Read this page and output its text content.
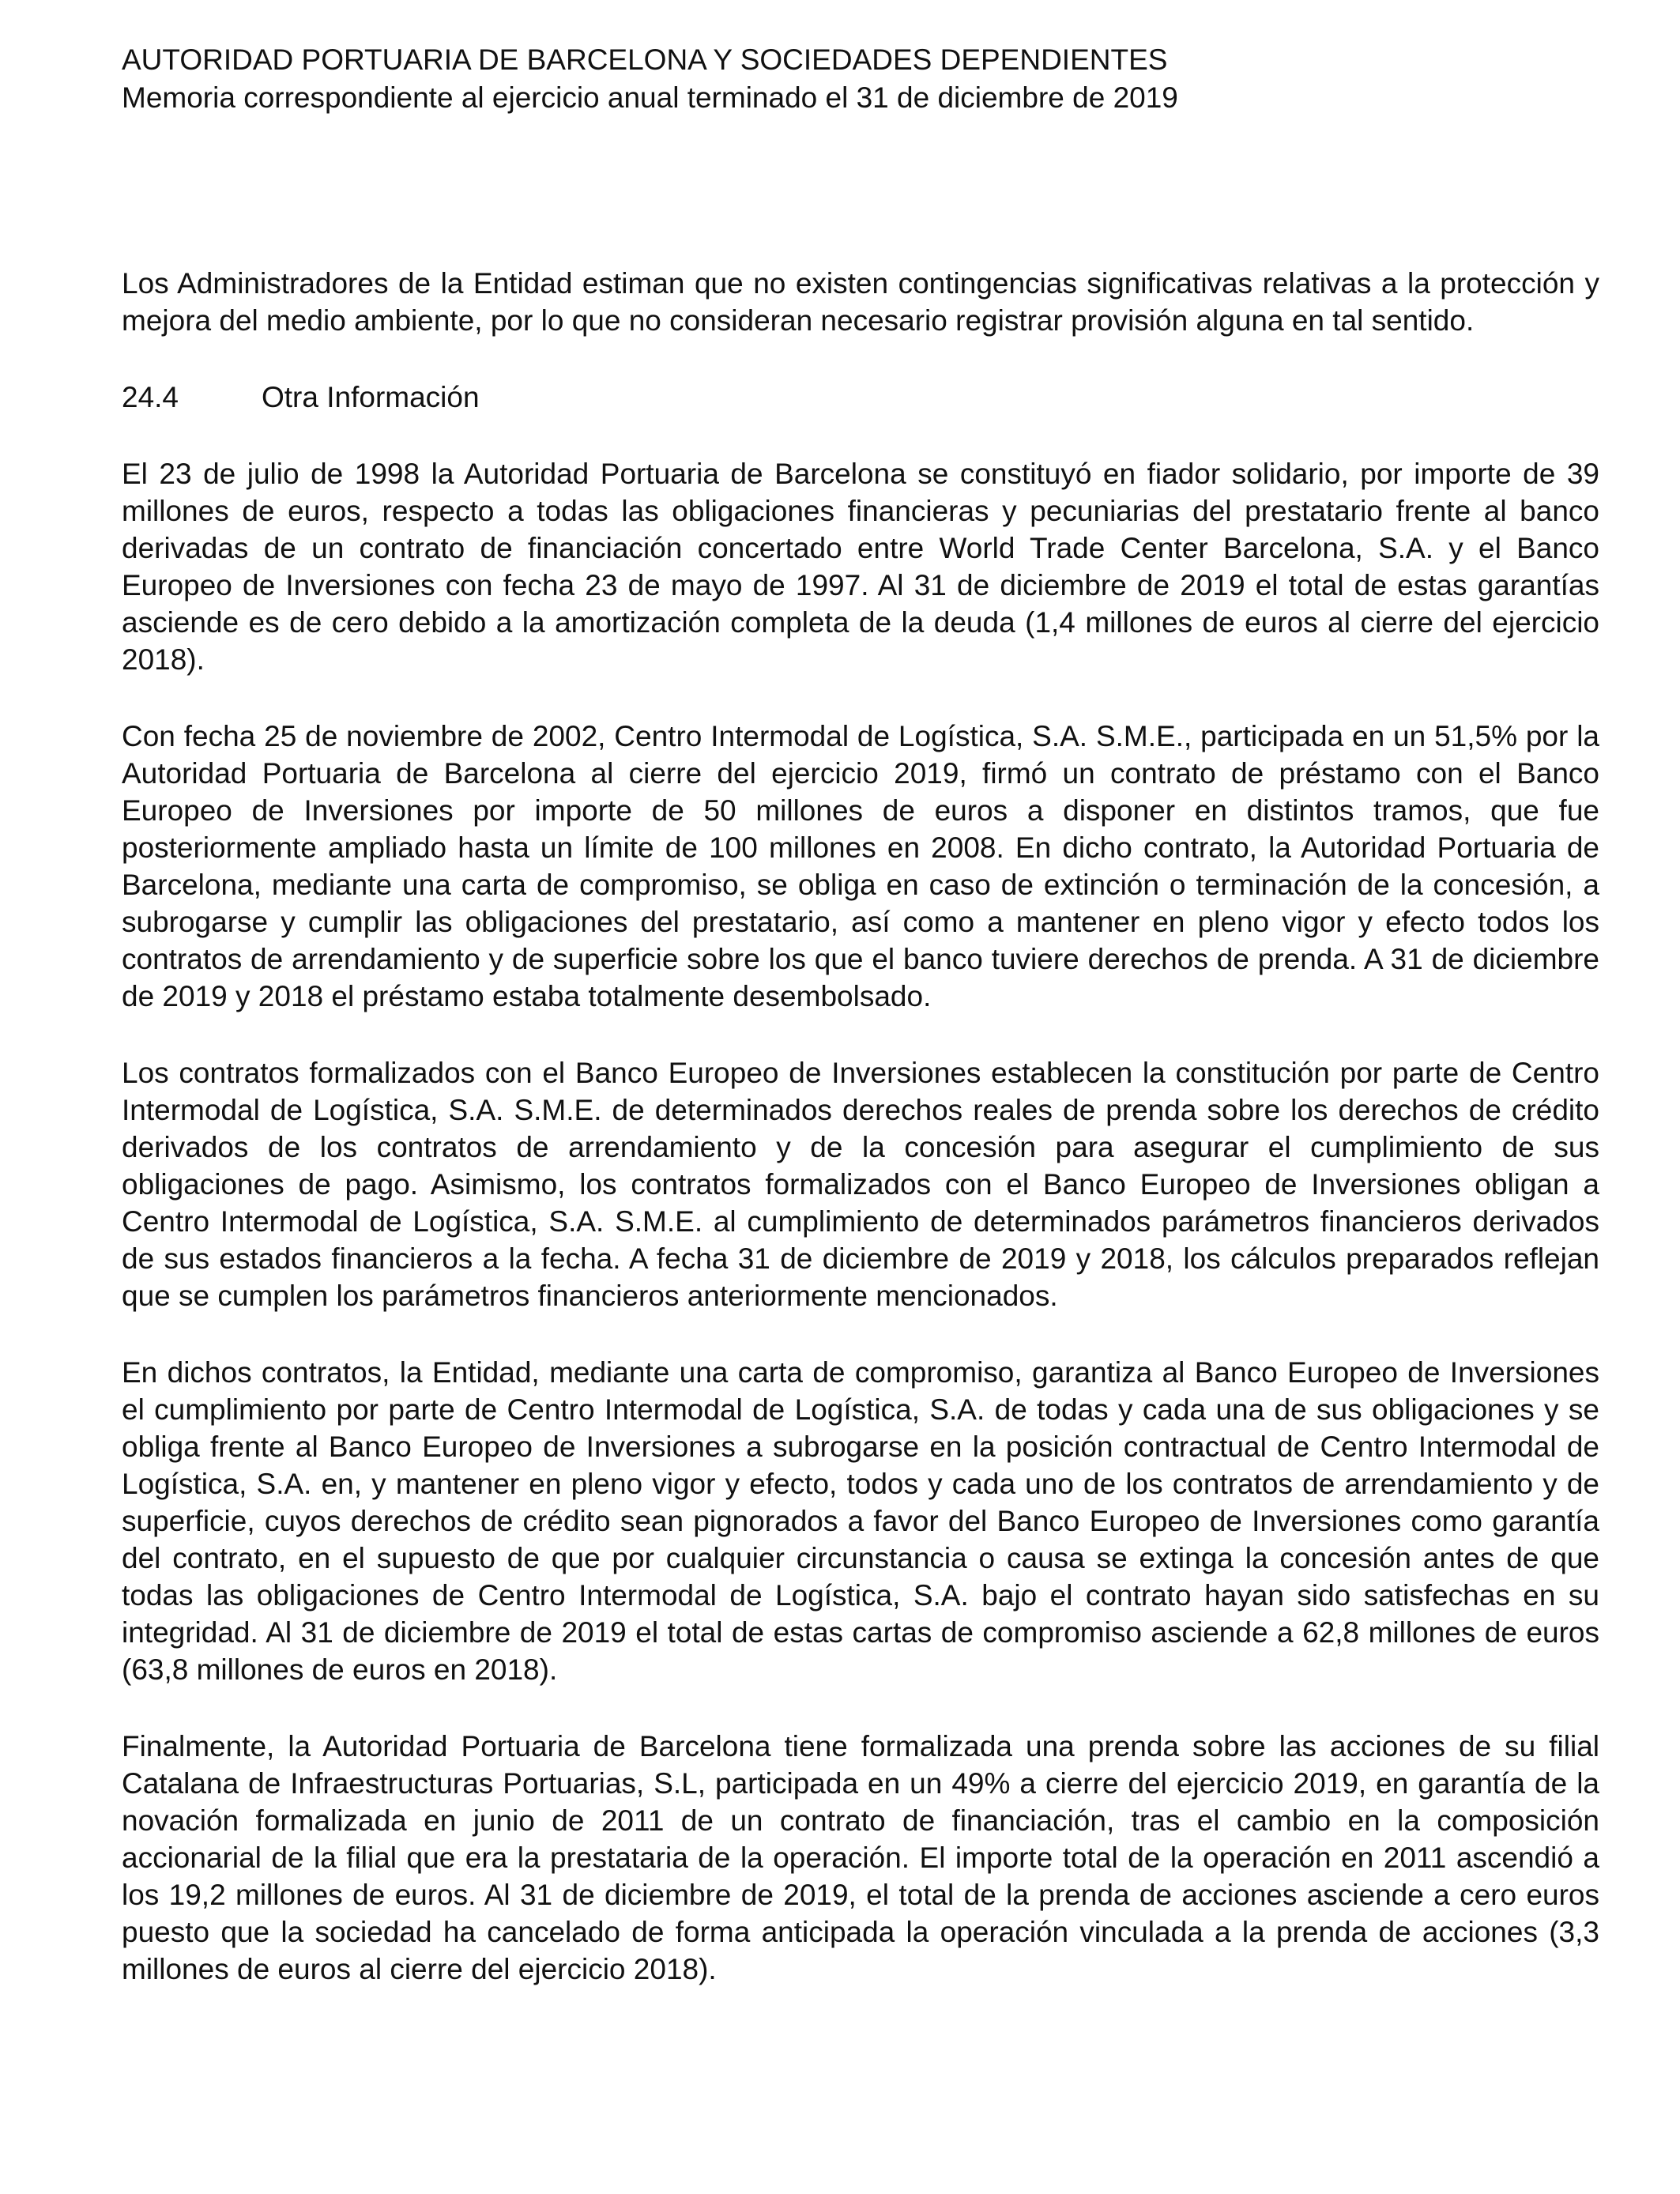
AUTORIDAD PORTUARIA DE BARCELONA Y SOCIEDADES DEPENDIENTES
Memoria correspondiente al ejercicio anual terminado el 31 de diciembre de 2019

Los Administradores de la Entidad estiman que no existen contingencias significativas relativas a la protección y mejora del medio ambiente, por lo que no consideran necesario registrar provisión alguna en tal sentido.

24.4	Otra Información

El 23 de julio de 1998 la Autoridad Portuaria de Barcelona se constituyó en fiador solidario, por importe de 39 millones de euros, respecto a todas las obligaciones financieras y pecuniarias del prestatario frente al banco derivadas de un contrato de financiación concertado entre World Trade Center Barcelona, S.A. y el Banco Europeo de Inversiones con fecha 23 de mayo de 1997. Al 31 de diciembre de 2019 el total de estas garantías asciende es de cero debido a la amortización completa de la deuda (1,4 millones de euros al cierre del ejercicio 2018).

Con fecha 25 de noviembre de 2002, Centro Intermodal de Logística, S.A. S.M.E., participada en un 51,5% por la Autoridad Portuaria de Barcelona al cierre del ejercicio 2019, firmó un contrato de préstamo con el Banco Europeo de Inversiones por importe de 50 millones de euros a disponer en distintos tramos, que fue posteriormente ampliado hasta un límite de 100 millones en 2008. En dicho contrato, la Autoridad Portuaria de Barcelona, mediante una carta de compromiso, se obliga en caso de extinción o terminación de la concesión, a subrogarse y cumplir las obligaciones del prestatario, así como a mantener en pleno vigor y efecto todos los contratos de arrendamiento y de superficie sobre los que el banco tuviere derechos de prenda. A 31 de diciembre de 2019 y 2018 el préstamo estaba totalmente desembolsado.

Los contratos formalizados con el Banco Europeo de Inversiones establecen la constitución por parte de Centro Intermodal de Logística, S.A. S.M.E. de determinados derechos reales de prenda sobre los derechos de crédito derivados de los contratos de arrendamiento y de la concesión para asegurar el cumplimiento de sus obligaciones de pago. Asimismo, los contratos formalizados con el Banco Europeo de Inversiones obligan a Centro Intermodal de Logística, S.A. S.M.E. al cumplimiento de determinados parámetros financieros derivados de sus estados financieros a la fecha. A fecha 31 de diciembre de 2019 y 2018, los cálculos preparados reflejan que se cumplen los parámetros financieros anteriormente mencionados.

En dichos contratos, la Entidad, mediante una carta de compromiso, garantiza al Banco Europeo de Inversiones el cumplimiento por parte de Centro Intermodal de Logística, S.A. de todas y cada una de sus obligaciones y se obliga frente al Banco Europeo de Inversiones a subrogarse en la posición contractual de Centro Intermodal de Logística, S.A. en, y mantener en pleno vigor y efecto, todos y cada uno de los contratos de arrendamiento y de superficie, cuyos derechos de crédito sean pignorados a favor del Banco Europeo de Inversiones como garantía del contrato, en el supuesto de que por cualquier circunstancia o causa se extinga la concesión antes de que todas las obligaciones de Centro Intermodal de Logística, S.A. bajo el contrato hayan sido satisfechas en su integridad. Al 31 de diciembre de 2019 el total de estas cartas de compromiso asciende a 62,8 millones de euros (63,8 millones de euros en 2018).

Finalmente, la Autoridad Portuaria de Barcelona tiene formalizada una prenda sobre las acciones de su filial Catalana de Infraestructuras Portuarias, S.L, participada en un 49% a cierre del ejercicio 2019, en garantía de la novación formalizada en junio de 2011 de un contrato de financiación, tras el cambio en la composición accionarial de la filial que era la prestataria de la operación. El importe total de la operación en 2011 ascendió a los 19,2 millones de euros. Al 31 de diciembre de 2019, el total de la prenda de acciones asciende a cero euros puesto que la sociedad ha cancelado de forma anticipada la operación vinculada a la prenda de acciones (3,3 millones de euros al cierre del ejercicio 2018).
